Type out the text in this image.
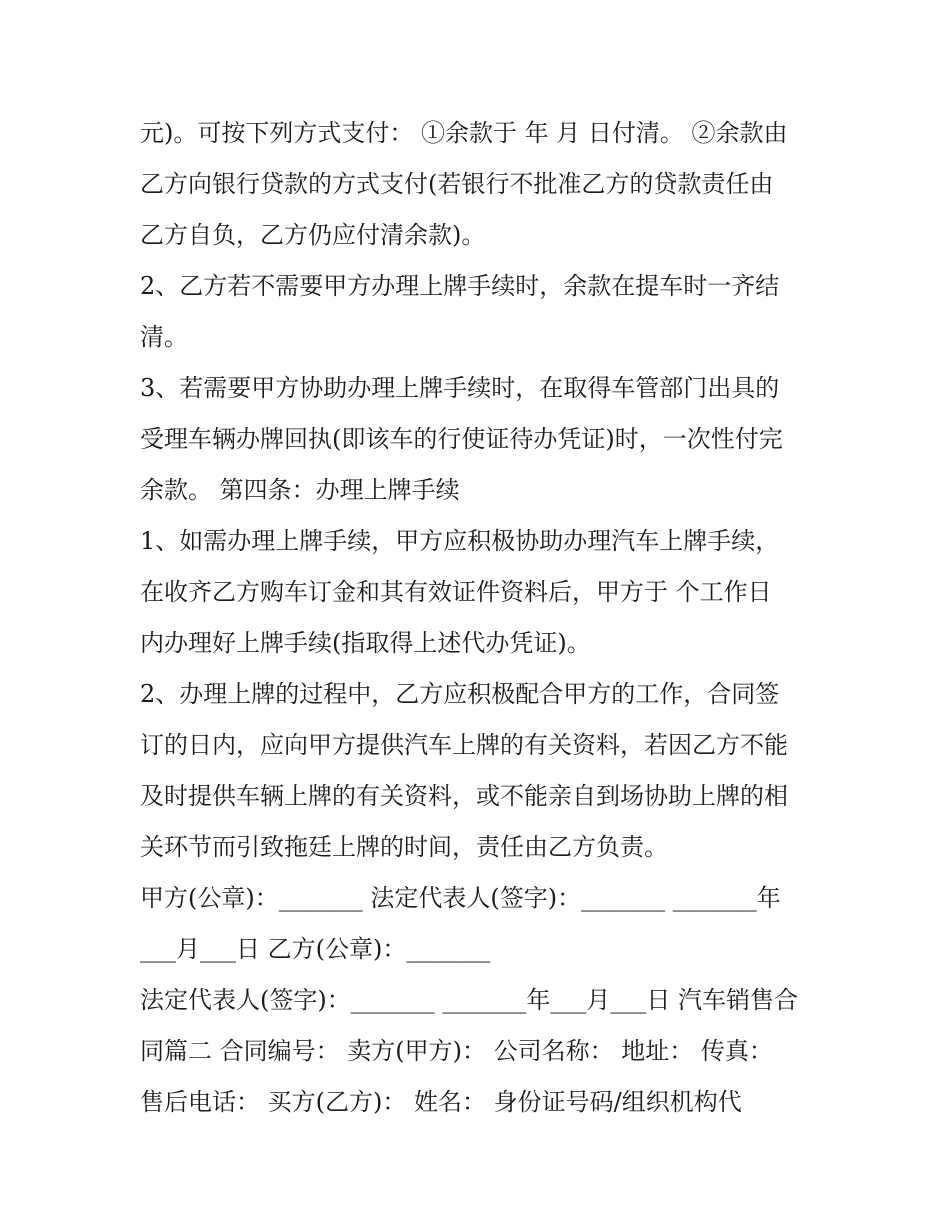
元)。可按下列方式支付： ①余款于 年 月 日付清。 ②余款由
乙方向银行贷款的方式支付(若银行不批准乙方的贷款责任由
乙方自负，乙方仍应付清余款)。
2、乙方若不需要甲方办理上牌手续时，余款在提车时一齐结
清。
3、若需要甲方协助办理上牌手续时，在取得车管部门出具的
受理车辆办牌回执(即该车的行使证待办凭证)时，一次性付完
余款。 第四条：办理上牌手续
1、如需办理上牌手续，甲方应积极协助办理汽车上牌手续，
在收齐乙方购车订金和其有效证件资料后，甲方于 个工作日
内办理好上牌手续(指取得上述代办凭证)。
2、办理上牌的过程中，乙方应积极配合甲方的工作，合同签
订的日内，应向甲方提供汽车上牌的有关资料，若因乙方不能
及时提供车辆上牌的有关资料，或不能亲自到场协助上牌的相
关环节而引致拖廷上牌的时间，责任由乙方负责。
甲方(公章)：_______ 法定代表人(签字)：_______ _______年
___月___日 乙方(公章)：_______
法定代表人(签字)：_______ _______年___月___日 汽车销售合
同篇二 合同编号： 卖方(甲方)： 公司名称： 地址： 传真：
售后电话： 买方(乙方)： 姓名： 身份证号码/组织机构代
